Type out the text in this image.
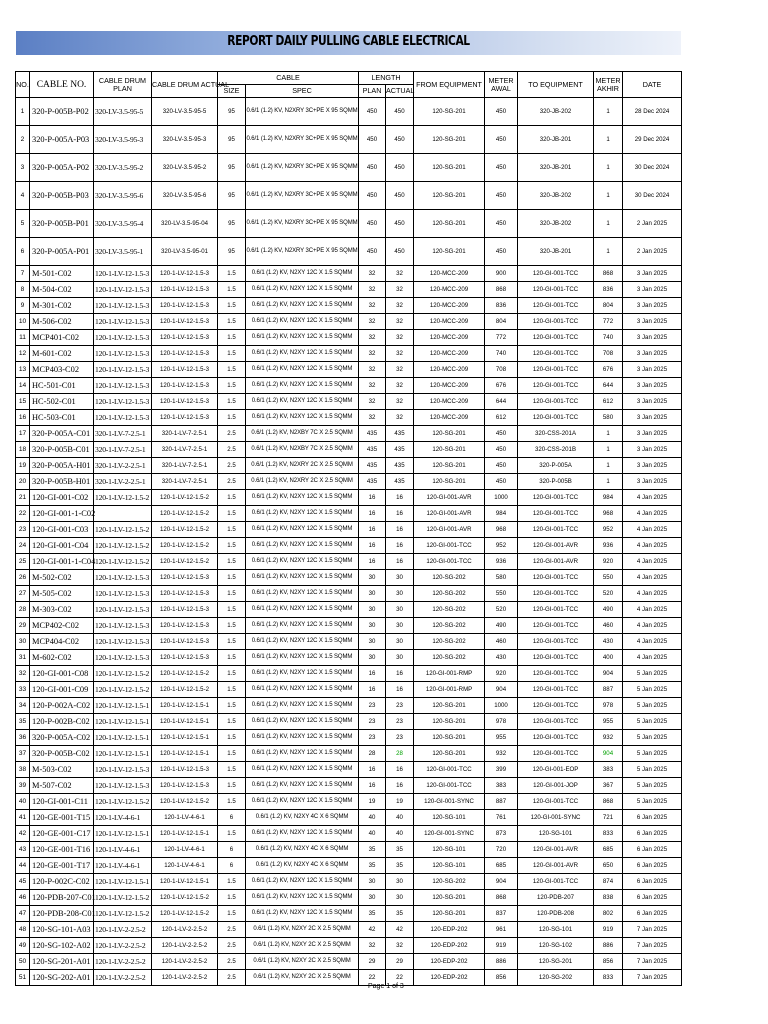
REPORT DAILY PULLING CABLE ELECTRICAL
NO.	CABLE NO.	CABLE DRUM PLAN	CABLE DRUM ACTUAL	CABLE		LENGTH		FROM EQUIPMENT	METER AWAL	TO EQUIPMENT	METER AKHIR	DATE
				SIZE	SPEC	PLAN	ACTUAL					
1	320-P-005B-P02	320-LV-3.5-95-5	320-LV-3.5-95-5	95	0.6/1 (1.2) KV, N2XRY 3C+PE X 95 SQMM	450	450	120-SG-201	450	320-JB-202	1	28 Dec 2024
2	320-P-005A-P03	320-LV-3.5-95-3	320-LV-3.5-95-3	95	0.6/1 (1.2) KV, N2XRY 3C+PE X 95 SQMM	450	450	120-SG-201	450	320-JB-201	1	29 Dec 2024
3	320-P-005A-P02	320-LV-3.5-95-2	320-LV-3.5-95-2	95	0.6/1 (1.2) KV, N2XRY 3C+PE X 95 SQMM	450	450	120-SG-201	450	320-JB-201	1	30 Dec 2024
4	320-P-005B-P03	320-LV-3.5-95-6	320-LV-3.5-95-6	95	0.6/1 (1.2) KV, N2XRY 3C+PE X 95 SQMM	450	450	120-SG-201	450	320-JB-202	1	30 Dec 2024
5	320-P-005B-P01	320-LV-3.5-95-4	320-LV-3.5-95-04	95	0.6/1 (1.2) KV, N2XRY 3C+PE X 95 SQMM	450	450	120-SG-201	450	320-JB-202	1	2 Jan 2025
6	320-P-005A-P01	320-LV-3.5-95-1	320-LV-3.5-95-01	95	0.6/1 (1.2) KV, N2XRY 3C+PE X 95 SQMM	450	450	120-SG-201	450	320-JB-201	1	2 Jan 2025
7	M-501-C02	120-1-LV-12-1.5-3	120-1-LV-12-1.5-3	1.5	0.6/1 (1.2) KV, N2XY 12C X 1.5 SQMM	32	32	120-MCC-209	900	120-GI-001-TCC	868	3 Jan 2025
8	M-504-C02	120-1-LV-12-1.5-3	120-1-LV-12-1.5-3	1.5	0.6/1 (1.2) KV, N2XY 12C X 1.5 SQMM	32	32	120-MCC-209	868	120-GI-001-TCC	836	3 Jan 2025
9	M-301-C02	120-1-LV-12-1.5-3	120-1-LV-12-1.5-3	1.5	0.6/1 (1.2) KV, N2XY 12C X 1.5 SQMM	32	32	120-MCC-209	836	120-GI-001-TCC	804	3 Jan 2025
10	M-506-C02	120-1-LV-12-1.5-3	120-1-LV-12-1.5-3	1.5	0.6/1 (1.2) KV, N2XY 12C X 1.5 SQMM	32	32	120-MCC-209	804	120-GI-001-TCC	772	3 Jan 2025
11	MCP401-C02	120-1-LV-12-1.5-3	120-1-LV-12-1.5-3	1.5	0.6/1 (1.2) KV, N2XY 12C X 1.5 SQMM	32	32	120-MCC-209	772	120-GI-001-TCC	740	3 Jan 2025
12	M-601-C02	120-1-LV-12-1.5-3	120-1-LV-12-1.5-3	1.5	0.6/1 (1.2) KV, N2XY 12C X 1.5 SQMM	32	32	120-MCC-209	740	120-GI-001-TCC	708	3 Jan 2025
13	MCP403-C02	120-1-LV-12-1.5-3	120-1-LV-12-1.5-3	1.5	0.6/1 (1.2) KV, N2XY 12C X 1.5 SQMM	32	32	120-MCC-209	708	120-GI-001-TCC	676	3 Jan 2025
14	HC-501-C01	120-1-LV-12-1.5-3	120-1-LV-12-1.5-3	1.5	0.6/1 (1.2) KV, N2XY 12C X 1.5 SQMM	32	32	120-MCC-209	676	120-GI-001-TCC	644	3 Jan 2025
15	HC-502-C01	120-1-LV-12-1.5-3	120-1-LV-12-1.5-3	1.5	0.6/1 (1.2) KV, N2XY 12C X 1.5 SQMM	32	32	120-MCC-209	644	120-GI-001-TCC	612	3 Jan 2025
16	HC-503-C01	120-1-LV-12-1.5-3	120-1-LV-12-1.5-3	1.5	0.6/1 (1.2) KV, N2XY 12C X 1.5 SQMM	32	32	120-MCC-209	612	120-GI-001-TCC	580	3 Jan 2025
17	320-P-005A-C01	320-1-LV-7-2.5-1	320-1-LV-7-2.5-1	2.5	0.6/1 (1.2) KV, N2XBY 7C X 2.5 SQMM	435	435	120-SG-201	450	320-CSS-201A	1	3 Jan 2025
18	320-P-005B-C01	320-1-LV-7-2.5-1	320-1-LV-7-2.5-1	2.5	0.6/1 (1.2) KV, N2XBY 7C X 2.5 SQMM	435	435	120-SG-201	450	320-CSS-201B	1	3 Jan 2025
19	320-P-005A-H01	320-1-LV-2-2.5-1	320-1-LV-7-2.5-1	2.5	0.6/1 (1.2) KV, N2XRY 2C X 2.5 SQMM	435	435	120-SG-201	450	320-P-005A	1	3 Jan 2025
20	320-P-005B-H01	320-1-LV-2-2.5-1	320-1-LV-7-2.5-1	2.5	0.6/1 (1.2) KV, N2XRY 2C X 2.5 SQMM	435	435	120-SG-201	450	320-P-005B	1	3 Jan 2025
21	120-GI-001-C02	120-1-LV-12-1.5-2	120-1-LV-12-1.5-2	1.5	0.6/1 (1.2) KV, N2XY 12C X 1.5 SQMM	16	16	120-GI-001-AVR	1000	120-GI-001-TCC	984	4 Jan 2025
22	120-GI-001-1-C02		120-1-LV-12-1.5-2	1.5	0.6/1 (1.2) KV, N2XY 12C X 1.5 SQMM	16	16	120-GI-001-AVR	984	120-GI-001-TCC	968	4 Jan 2025
23	120-GI-001-C03	120-1-LV-12-1.5-2	120-1-LV-12-1.5-2	1.5	0.6/1 (1.2) KV, N2XY 12C X 1.5 SQMM	16	16	120-GI-001-AVR	968	120-GI-001-TCC	952	4 Jan 2025
24	120-GI-001-C04	120-1-LV-12-1.5-2	120-1-LV-12-1.5-2	1.5	0.6/1 (1.2) KV, N2XY 12C X 1.5 SQMM	16	16	120-GI-001-TCC	952	120-GI-001-AVR	936	4 Jan 2025
25	120-GI-001-1-C04	120-1-LV-12-1.5-2	120-1-LV-12-1.5-2	1.5	0.6/1 (1.2) KV, N2XY 12C X 1.5 SQMM	16	16	120-GI-001-TCC	936	120-GI-001-AVR	920	4 Jan 2025
26	M-502-C02	120-1-LV-12-1.5-3	120-1-LV-12-1.5-3	1.5	0.6/1 (1.2) KV, N2XY 12C X 1.5 SQMM	30	30	120-SG-202	580	120-GI-001-TCC	550	4 Jan 2025
27	M-505-C02	120-1-LV-12-1.5-3	120-1-LV-12-1.5-3	1.5	0.6/1 (1.2) KV, N2XY 12C X 1.5 SQMM	30	30	120-SG-202	550	120-GI-001-TCC	520	4 Jan 2025
28	M-303-C02	120-1-LV-12-1.5-3	120-1-LV-12-1.5-3	1.5	0.6/1 (1.2) KV, N2XY 12C X 1.5 SQMM	30	30	120-SG-202	520	120-GI-001-TCC	490	4 Jan 2025
29	MCP402-C02	120-1-LV-12-1.5-3	120-1-LV-12-1.5-3	1.5	0.6/1 (1.2) KV, N2XY 12C X 1.5 SQMM	30	30	120-SG-202	490	120-GI-001-TCC	460	4 Jan 2025
30	MCP404-C02	120-1-LV-12-1.5-3	120-1-LV-12-1.5-3	1.5	0.6/1 (1.2) KV, N2XY 12C X 1.5 SQMM	30	30	120-SG-202	460	120-GI-001-TCC	430	4 Jan 2025
31	M-602-C02	120-1-LV-12-1.5-3	120-1-LV-12-1.5-3	1.5	0.6/1 (1.2) KV, N2XY 12C X 1.5 SQMM	30	30	120-SG-202	430	120-GI-001-TCC	400	4 Jan 2025
32	120-GI-001-C08	120-1-LV-12-1.5-2	120-1-LV-12-1.5-2	1.5	0.6/1 (1.2) KV, N2XY 12C X 1.5 SQMM	16	16	120-GI-001-RMP	920	120-GI-001-TCC	904	5 Jan 2025
33	120-GI-001-C09	120-1-LV-12-1.5-2	120-1-LV-12-1.5-2	1.5	0.6/1 (1.2) KV, N2XY 12C X 1.5 SQMM	16	16	120-GI-001-RMP	904	120-GI-001-TCC	887	5 Jan 2025
34	120-P-002A-C02	120-1-LV-12-1.5-1	120-1-LV-12-1.5-1	1.5	0.6/1 (1.2) KV, N2XY 12C X 1.5 SQMM	23	23	120-SG-201	1000	120-GI-001-TCC	978	5 Jan 2025
35	120-P-002B-C02	120-1-LV-12-1.5-1	120-1-LV-12-1.5-1	1.5	0.6/1 (1.2) KV, N2XY 12C X 1.5 SQMM	23	23	120-SG-201	978	120-GI-001-TCC	955	5 Jan 2025
36	320-P-005A-C02	120-1-LV-12-1.5-1	120-1-LV-12-1.5-1	1.5	0.6/1 (1.2) KV, N2XY 12C X 1.5 SQMM	23	23	120-SG-201	955	120-GI-001-TCC	932	5 Jan 2025
37	320-P-005B-C02	120-1-LV-12-1.5-1	120-1-LV-12-1.5-1	1.5	0.6/1 (1.2) KV, N2XY 12C X 1.5 SQMM	28	28	120-SG-201	932	120-GI-001-TCC	904	5 Jan 2025
38	M-503-C02	120-1-LV-12-1.5-3	120-1-LV-12-1.5-3	1.5	0.6/1 (1.2) KV, N2XY 12C X 1.5 SQMM	16	16	120-GI-001-TCC	399	120-GI-001-EOP	383	5 Jan 2025
39	M-507-C02	120-1-LV-12-1.5-3	120-1-LV-12-1.5-3	1.5	0.6/1 (1.2) KV, N2XY 12C X 1.5 SQMM	16	16	120-GI-001-TCC	383	120-GI-001-JOP	367	5 Jan 2025
40	120-GI-001-C11	120-1-LV-12-1.5-2	120-1-LV-12-1.5-2	1.5	0.6/1 (1.2) KV, N2XY 12C X 1.5 SQMM	19	19	120-GI-001-SYNC	887	120-GI-001-TCC	868	5 Jan 2025
41	120-GE-001-T15	120-1-LV-4-6-1	120-1-LV-4-6-1	6	0.6/1 (1.2) KV, N2XY 4C X 6 SQMM	40	40	120-SG-101	761	120-GI-001-SYNC	721	6 Jan 2025
42	120-GE-001-C17	120-1-LV-12-1.5-1	120-1-LV-12-1.5-1	1.5	0.6/1 (1.2) KV, N2XY 12C X 1.5 SQMM	40	40	120-GI-001-SYNC	873	120-SG-101	833	6 Jan 2025
43	120-GE-001-T16	120-1-LV-4-6-1	120-1-LV-4-6-1	6	0.6/1 (1.2) KV, N2XY 4C X 6 SQMM	35	35	120-SG-101	720	120-GI-001-AVR	685	6 Jan 2025
44	120-GE-001-T17	120-1-LV-4-6-1	120-1-LV-4-6-1	6	0.6/1 (1.2) KV, N2XY 4C X 6 SQMM	35	35	120-SG-101	685	120-GI-001-AVR	650	6 Jan 2025
45	120-P-002C-C02	120-1-LV-12-1.5-1	120-1-LV-12-1.5-1	1.5	0.6/1 (1.2) KV, N2XY 12C X 1.5 SQMM	30	30	120-SG-202	904	120-GI-001-TCC	874	6 Jan 2025
46	120-PDB-207-C01	120-1-LV-12-1.5-2	120-1-LV-12-1.5-2	1.5	0.6/1 (1.2) KV, N2XY 12C X 1.5 SQMM	30	30	120-SG-201	868	120-PDB-207	838	6 Jan 2025
47	120-PDB-208-C01	120-1-LV-12-1.5-2	120-1-LV-12-1.5-2	1.5	0.6/1 (1.2) KV, N2XY 12C X 1.5 SQMM	35	35	120-SG-201	837	120-PDB-208	802	6 Jan 2025
48	120-SG-101-A03	120-1-LV-2-2.5-2	120-1-LV-2-2.5-2	2.5	0.6/1 (1.2) KV, N2XY 2C X 2.5 SQMM	42	42	120-EDP-202	961	120-SG-101	919	7 Jan 2025
49	120-SG-102-A02	120-1-LV-2-2.5-2	120-1-LV-2-2.5-2	2.5	0.6/1 (1.2) KV, N2XY 2C X 2.5 SQMM	32	32	120-EDP-202	919	120-SG-102	886	7 Jan 2025
50	120-SG-201-A01	120-1-LV-2-2.5-2	120-1-LV-2-2.5-2	2.5	0.6/1 (1.2) KV, N2XY 2C X 2.5 SQMM	29	29	120-EDP-202	886	120-SG-201	856	7 Jan 2025
51	120-SG-202-A01	120-1-LV-2-2.5-2	120-1-LV-2-2.5-2	2.5	0.6/1 (1.2) KV, N2XY 2C X 2.5 SQMM	22	22	120-EDP-202	856	120-SG-202	833	7 Jan 2025
Page 1 of 3
